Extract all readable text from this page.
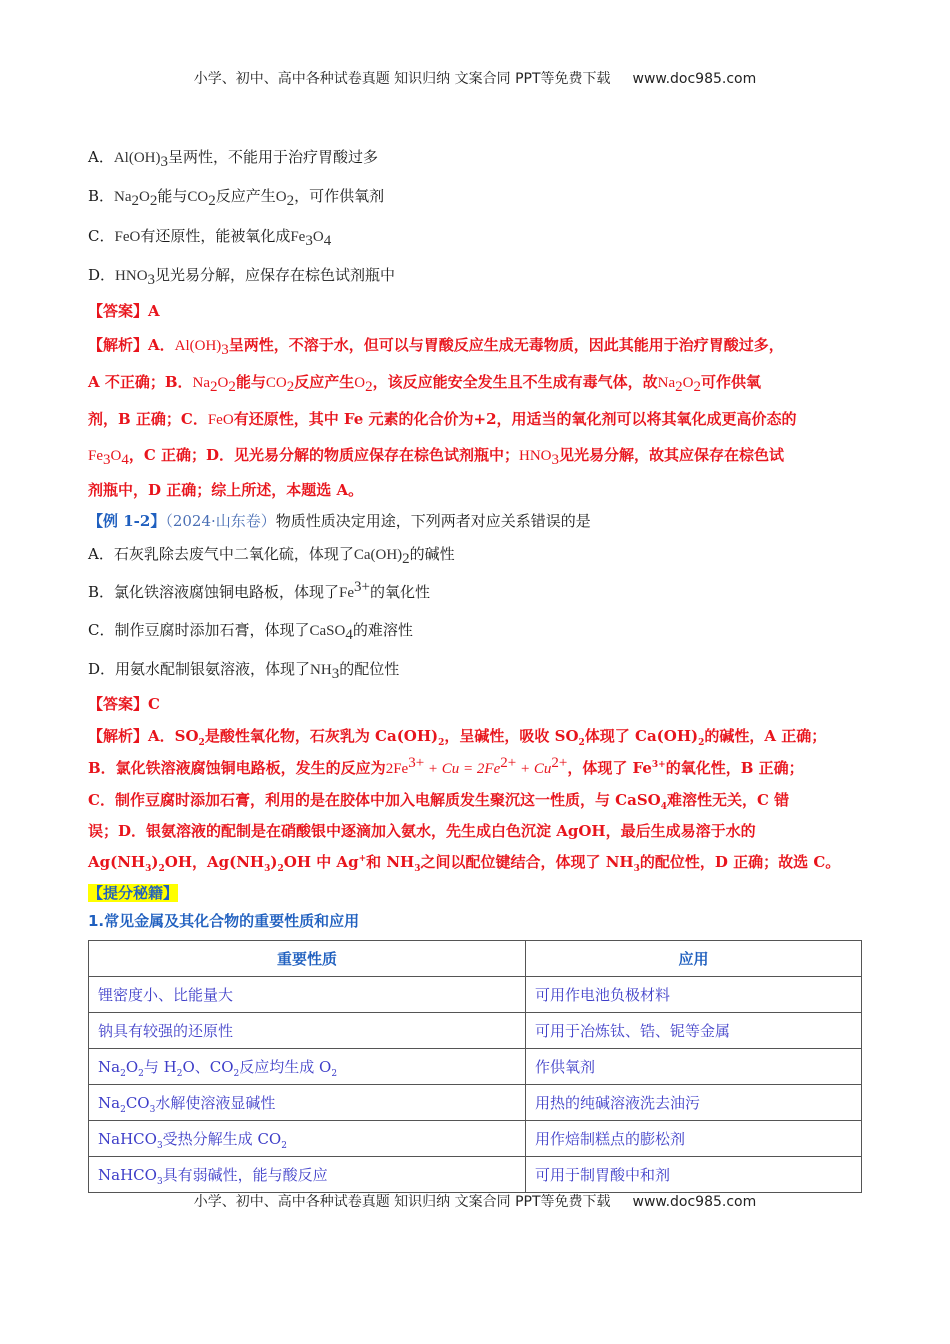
小学、初中、高中各种试卷真题 知识归纳 文案合同 PPT等免费下载 www.doc985.com
A．$Al(OH)_3$呈两性，不能用于治疗胃酸过多
B．$Na_2O_2$能与$CO_2$反应产生$O_2$，可作供氧剂
C．FeO有还原性，能被氧化成$Fe_3O_4$
D．$HNO_3$见光易分解，应保存在棕色试剂瓶中
【答案】A
【解析】A．$Al(OH)_3$呈两性，不溶于水，但可以与胃酸反应生成无毒物质，因此其能用于治疗胃酸过多，
A 不正确；B．$Na_2O_2$能与$CO_2$反应产生$O_2$，该反应能安全发生且不生成有毒气体，故$Na_2O_2$可作供氧
剂，B 正确；C．FeO有还原性，其中 Fe 元素的化合价为+2，用适当的氧化剂可以将其氧化成更高价态的
$Fe_3O_4$，C 正确；D．见光易分解的物质应保存在棕色试剂瓶中；$HNO_3$见光易分解，故其应保存在棕色试
剂瓶中，D 正确；综上所述，本题选 A。
【例 1-2】（2024·山东卷）物质性质决定用途，下列两者对应关系错误的是
A．石灰乳除去废气中二氧化硫，体现了$Ca(OH)_2$的碱性
B．氯化铁溶液腐蚀铜电路板，体现了$Fe^{3+}$的氧化性
C．制作豆腐时添加石膏，体现了CaSO$_4$的难溶性
D．用氨水配制银氨溶液，体现了$NH_3$的配位性
【答案】C
【解析】A．$SO_2$是酸性氧化物，石灰乳为 $Ca(OH)_2$，呈碱性，吸收 $SO_2$体现了 $Ca(OH)_2$的碱性，A 正确；
B．氯化铁溶液腐蚀铜电路板，发生的反应为$2Fe^{3+} + Cu = 2Fe^{2+} + Cu^{2+}$，体现了 $Fe^{3+}$的氧化性，B 正确；
C．制作豆腐时添加石膏，利用的是在胶体中加入电解质发生聚沉这一性质，与 CaSO$_4$难溶性无关，C 错
误；D．银氨溶液的配制是在硝酸银中逐滴加入氨水，先生成白色沉淀 AgOH，最后生成易溶于水的
$Ag(NH_3)_2OH$，$Ag(NH_3)_2OH$ 中 Ag+和 $NH_3$之间以配位键结合，体现了 $NH_3$的配位性，D 正确；故选 C。
【提分秘籍】
1.常见金属及其化合物的重要性质和应用
重要性质	应用
锂密度小、比能量大	可用作电池负极材料
钠具有较强的还原性	可用于冶炼钛、锆、铌等金属
$Na_2O_2$与 $H_2O$、$CO_2$反应均生成 $O_2$	作供氧剂
$Na_2CO_3$水解使溶液显碱性	用热的纯碱溶液洗去油污
NaHCO$_3$受热分解生成 $CO_2$	用作焙制糕点的膨松剂
NaHCO$_3$具有弱碱性，能与酸反应	可用于制胃酸中和剂
小学、初中、高中各种试卷真题 知识归纳 文案合同 PPT等免费下载 www.doc985.com
